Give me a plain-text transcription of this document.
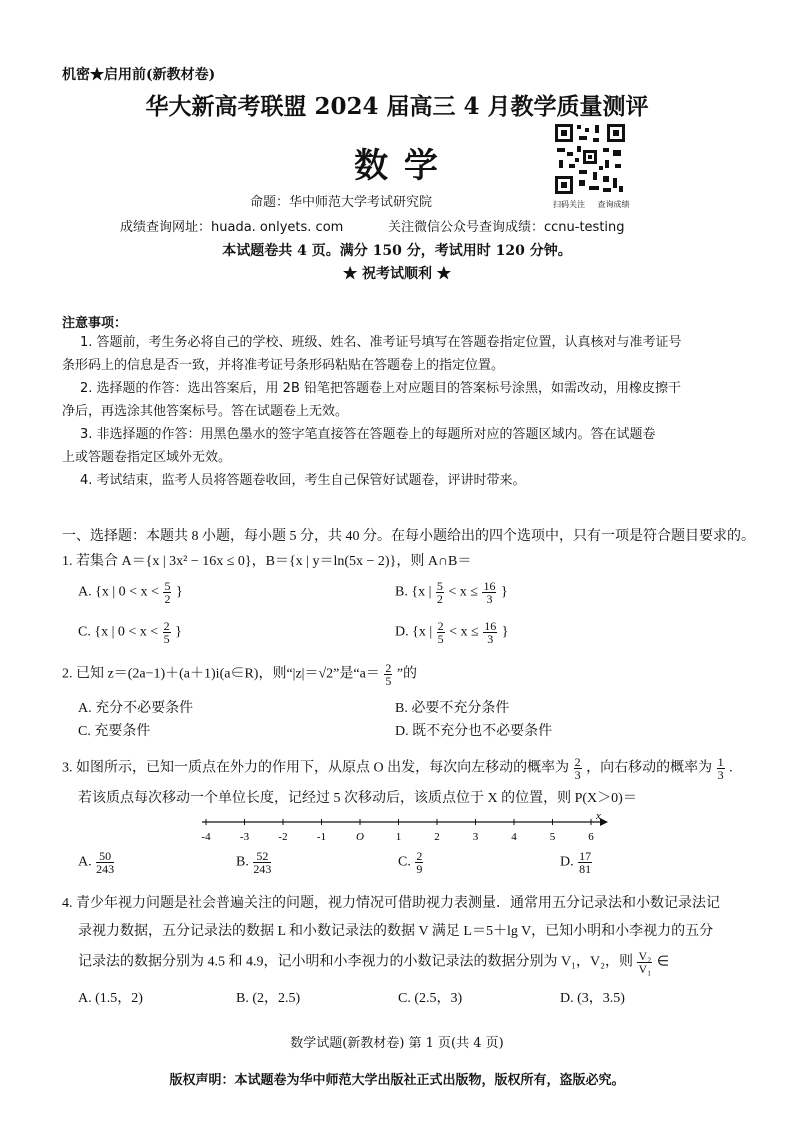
机密★启用前(新教材卷)
华大新高考联盟 2024 届高三 4 月教学质量测评
数 学
扫码关注 查询成绩
命题：华中师范大学考试研究院
成绩查询网址：huada. onlyets. com	关注微信公众号查询成绩：ccnu-testing
本试题卷共 4 页。满分 150 分，考试用时 120 分钟。
★ 祝考试顺利 ★
注意事项：
1. 答题前，考生务必将自己的学校、班级、姓名、准考证号填写在答题卷指定位置，认真核对与准考证号
条形码上的信息是否一致，并将准考证号条形码粘贴在答题卷上的指定位置。
2. 选择题的作答：选出答案后，用 2B 铅笔把答题卷上对应题目的答案标号涂黑，如需改动，用橡皮擦干
净后，再选涂其他答案标号。答在试题卷上无效。
3. 非选择题的作答：用黑色墨水的签字笔直接答在答题卷上的每题所对应的答题区域内。答在试题卷
上或答题卷指定区域外无效。
4. 考试结束，监考人员将答题卷收回，考生自己保管好试题卷，评讲时带来。
一、选择题：本题共 8 小题，每小题 5 分，共 40 分。在每小题给出的四个选项中，只有一项是符合题目要求的。
1. 若集合 A＝{x | 3x² − 16x ≤ 0}，B＝{x | y＝ln(5x − 2)}，则 A∩B＝
A. {x | $0 < x < \frac{5}{2}$ }	B. {x | $\frac{5}{2} < x \le \frac{16}{3}$ }
C. {x | $0 < x < \frac{2}{5}$ }	D. {x | $\frac{2}{5} < x \le \frac{16}{3}$ }
2. 已知 z＝(2a−1)＋(a＋1)i(a∈R)，则“|z|＝√2”是“$a= \frac{2}{5}$ ”的
A. 充分不必要条件	B. 必要不充分条件
C. 充要条件	D. 既不充分也不必要条件
3. 如图所示，已知一质点在外力的作用下，从原点 O 出发，每次向左移动的概率为 $\frac{2}{3}$ ，向右移动的概率为 $\frac{1}{3}$ .
若该质点每次移动一个单位长度，记经过 5 次移动后，该质点位于 X 的位置，则 P(X＞0)＝
x
-4	-3	-2	-1	O	1	2	3	4	5	6
A. $\frac{50}{243}$	B. $\frac{52}{243}$	C. $\frac{2}{9}$	D. $\frac{17}{81}$
4. 青少年视力问题是社会普遍关注的问题，视力情况可借助视力表测量．通常用五分记录法和小数记录法记
录视力数据，五分记录法的数据 L 和小数记录法的数据 V 满足 L＝5＋lg V，已知小明和小李视力的五分
记录法的数据分别为 4.5 和 4.9，记小明和小李视力的小数记录法的数据分别为 V₁，V₂，则 $\frac{\text{V₂}}{\text{V₁}}$ ∈
A. (1.5，2)	B. (2，2.5)	C. (2.5，3)	D. (3，3.5)
数学试题(新教材卷) 第 1 页(共 4 页)
版权声明：本试题卷为华中师范大学出版社正式出版物，版权所有，盗版必究。
